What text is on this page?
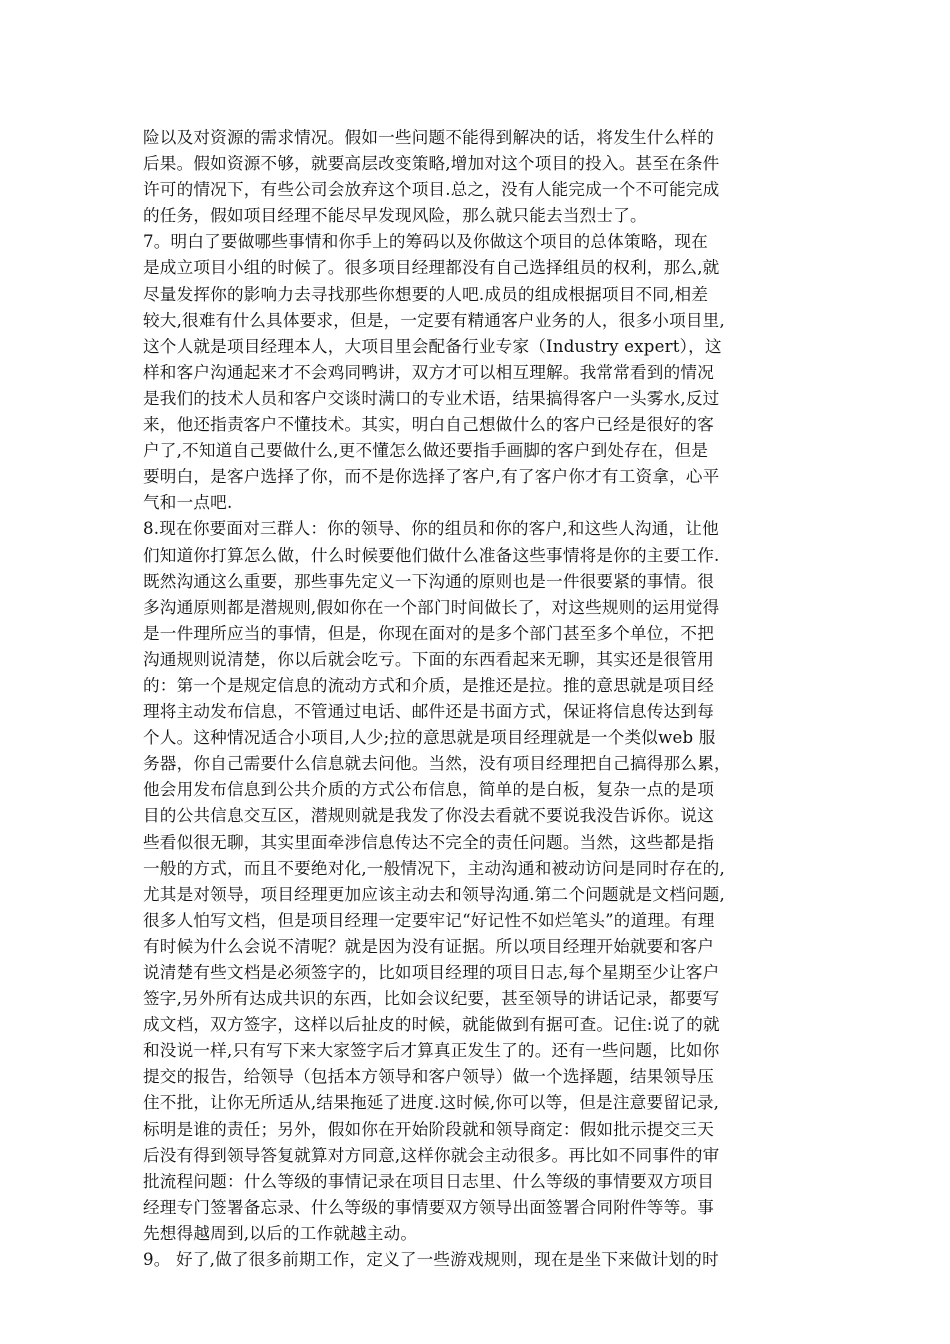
险以及对资源的需求情况。假如一些问题不能得到解决的话，将发生什么样的
后果。假如资源不够，就要高层改变策略,增加对这个项目的投入。甚至在条件
许可的情况下，有些公司会放弃这个项目.总之，没有人能完成一个不可能完成
的任务，假如项目经理不能尽早发现风险，那么就只能去当烈士了。
7。明白了要做哪些事情和你手上的筹码以及你做这个项目的总体策略，现在
是成立项目小组的时候了。很多项目经理都没有自己选择组员的权利，那么,就
尽量发挥你的影响力去寻找那些你想要的人吧.成员的组成根据项目不同,相差
较大,很难有什么具体要求，但是，一定要有精通客户业务的人，很多小项目里,
这个人就是项目经理本人，大项目里会配备行业专家（Industry expert），这
样和客户沟通起来才不会鸡同鸭讲，双方才可以相互理解。我常常看到的情况
是我们的技术人员和客户交谈时满口的专业术语，结果搞得客户一头雾水,反过
来，他还指责客户不懂技术。其实，明白自己想做什么的客户已经是很好的客
户了,不知道自己要做什么,更不懂怎么做还要指手画脚的客户到处存在，但是
要明白，是客户选择了你，而不是你选择了客户,有了客户你才有工资拿，心平
气和一点吧.
8.现在你要面对三群人：你的领导、你的组员和你的客户,和这些人沟通，让他
们知道你打算怎么做，什么时候要他们做什么准备这些事情将是你的主要工作.
既然沟通这么重要，那些事先定义一下沟通的原则也是一件很要紧的事情。很
多沟通原则都是潜规则,假如你在一个部门时间做长了，对这些规则的运用觉得
是一件理所应当的事情，但是，你现在面对的是多个部门甚至多个单位，不把
沟通规则说清楚，你以后就会吃亏。下面的东西看起来无聊，其实还是很管用
的：第一个是规定信息的流动方式和介质，是推还是拉。推的意思就是项目经
理将主动发布信息，不管通过电话、邮件还是书面方式，保证将信息传达到每
个人。这种情况适合小项目,人少;拉的意思就是项目经理就是一个类似web 服
务器，你自己需要什么信息就去问他。当然，没有项目经理把自己搞得那么累，
他会用发布信息到公共介质的方式公布信息，简单的是白板，复杂一点的是项
目的公共信息交互区，潜规则就是我发了你没去看就不要说我没告诉你。说这
些看似很无聊，其实里面牵涉信息传达不完全的责任问题。当然，这些都是指
一般的方式，而且不要绝对化,一般情况下，主动沟通和被动访问是同时存在的,
尤其是对领导，项目经理更加应该主动去和领导沟通.第二个问题就是文档问题,
很多人怕写文档，但是项目经理一定要牢记“好记性不如烂笔头”的道理。有理
有时候为什么会说不清呢？就是因为没有证据。所以项目经理开始就要和客户
说清楚有些文档是必须签字的，比如项目经理的项目日志,每个星期至少让客户
签字,另外所有达成共识的东西，比如会议纪要，甚至领导的讲话记录，都要写
成文档，双方签字，这样以后扯皮的时候，就能做到有据可查。记住:说了的就
和没说一样,只有写下来大家签字后才算真正发生了的。还有一些问题，比如你
提交的报告，给领导（包括本方领导和客户领导）做一个选择题，结果领导压
住不批，让你无所适从,结果拖延了进度.这时候,你可以等，但是注意要留记录,
标明是谁的责任；另外，假如你在开始阶段就和领导商定：假如批示提交三天
后没有得到领导答复就算对方同意,这样你就会主动很多。再比如不同事件的审
批流程问题：什么等级的事情记录在项目日志里、什么等级的事情要双方项目
经理专门签署备忘录、什么等级的事情要双方领导出面签署合同附件等等。事
先想得越周到,以后的工作就越主动。
9。 好了,做了很多前期工作，定义了一些游戏规则，现在是坐下来做计划的时
